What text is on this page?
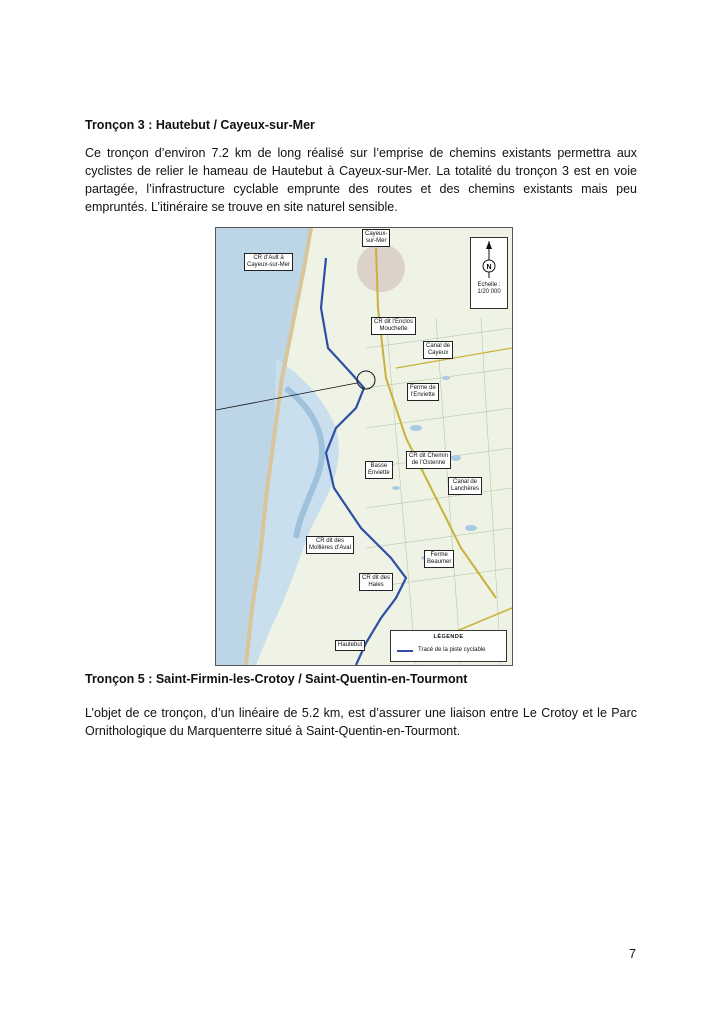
Tronçon 3 : Hautebut / Cayeux-sur-Mer
Ce tronçon d’environ 7.2 km de long réalisé sur l’emprise de chemins existants permettra aux
cyclistes de relier le hameau de Hautebut à Cayeux-sur-Mer. La totalité du tronçon 3 est en voie
partagée, l’infrastructure cyclable emprunte des routes et des chemins existants mais peu
empruntés. L’itinéraire se trouve en site naturel sensible.
Cayeux-
sur-Mer
CR d’Ault à
Cayeux-sur-Mer
CR dit l’Enclos
Mouchette
Canal de
Cayeux
Ferme de
l’Enviette
Basse
Enviette
CR dit Chemin
de l’Ostenne
Canal de
Lanchères
CR dit des
Mollières d’Aval
Ferme
Beaumer
CR dit des
Haies
Hautebut
N
Echelle :
1/20 000
LÉGENDE
Tracé de la piste cyclable
Tronçon 5 : Saint-Firmin-les-Crotoy / Saint-Quentin-en-Tourmont
L’objet de ce tronçon, d’un linéaire de 5.2 km, est d’assurer une liaison entre Le Crotoy et le Parc
Ornithologique du Marquenterre situé à Saint-Quentin-en-Tourmont.
7
